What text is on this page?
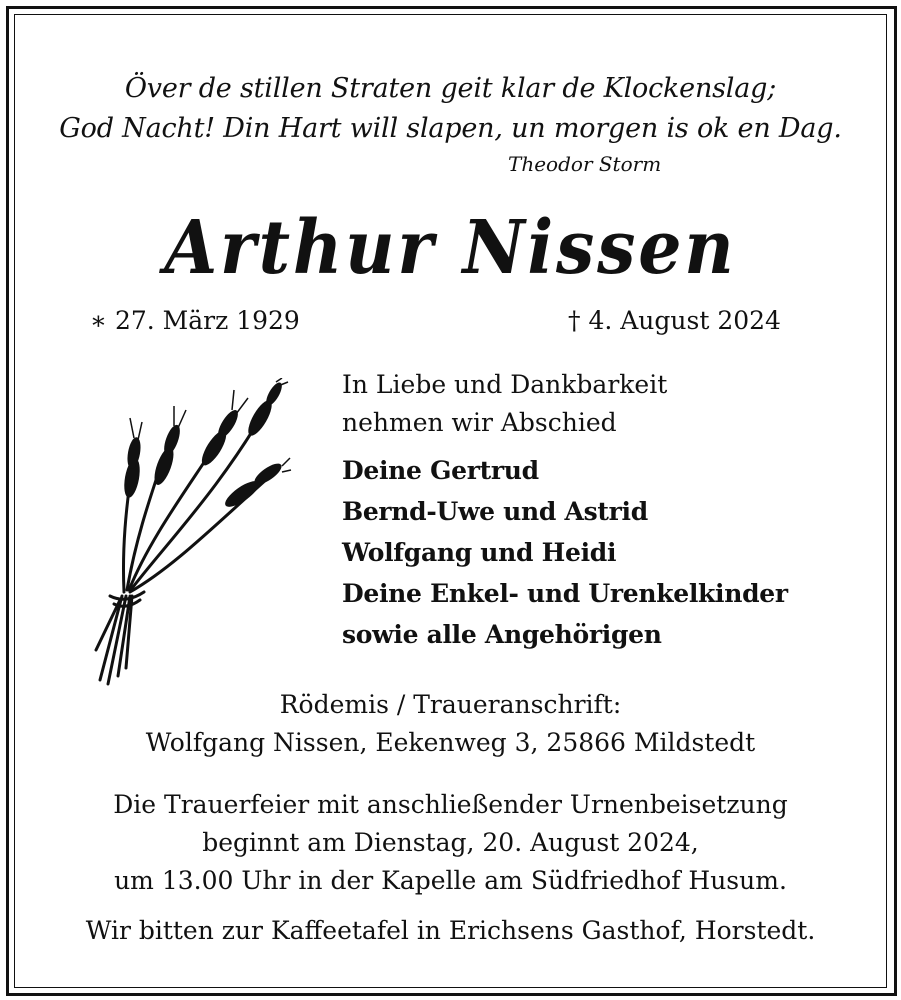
Över de stillen Straten geit klar de Klockenslag;
God Nacht! Din Hart will slapen, un morgen is ok en Dag.
Theodor Storm
Arthur Nissen
∗ 27. März 1929	† 4. August 2024
In Liebe und Dankbarkeit
nehmen wir Abschied
Deine Gertrud
Bernd-Uwe und Astrid
Wolfgang und Heidi
Deine Enkel- und Urenkelkinder
sowie alle Angehörigen
Rödemis / Traueranschrift:
Wolfgang Nissen, Eekenweg 3, 25866 Mildstedt
Die Trauerfeier mit anschließender Urnenbeisetzung
beginnt am Dienstag, 20. August 2024,
um 13.00 Uhr in der Kapelle am Südfriedhof Husum.
Wir bitten zur Kaffeetafel in Erichsens Gasthof, Horstedt.
